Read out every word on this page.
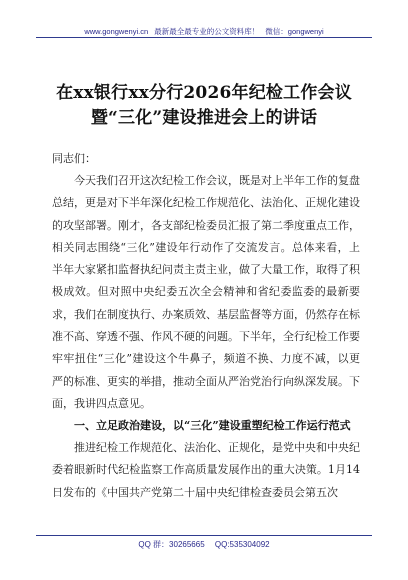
www.gongwenyi.cn 最新最全最专业的公文资料库！ 微信：gongwenyi
在xx银行xx分行2026年纪检工作会议
暨“三化”建设推进会上的讲话
同志们：
今天我们召开这次纪检工作会议，既是对上半年工作的复盘总结，更是对下半年深化纪检工作规范化、法治化、正规化建设的攻坚部署。刚才，各支部纪检委员汇报了第二季度重点工作，相关同志围绕“三化”建设年行动作了交流发言。总体来看，上半年大家紧扣监督执纪问责主责主业，做了大量工作，取得了积极成效。但对照中央纪委五次全会精神和省纪委监委的最新要求，我们在制度执行、办案质效、基层监督等方面，仍然存在标准不高、穿透不强、作风不硬的问题。下半年，全行纪检工作要牢牢扭住“三化”建设这个牛鼻子，频道不换、力度不减，以更严的标准、更实的举措，推动全面从严治党治行向纵深发展。下面，我讲四点意见。
一、立足政治建设，以“三化”建设重塑纪检工作运行范式
推进纪检工作规范化、法治化、正规化，是党中央和中央纪委着眼新时代纪检监察工作高质量发展作出的重大决策。1月14日发布的《中国共产党第二十届中央纪律检查委员会第五次
QQ 群：30265665 QQ:535304092
